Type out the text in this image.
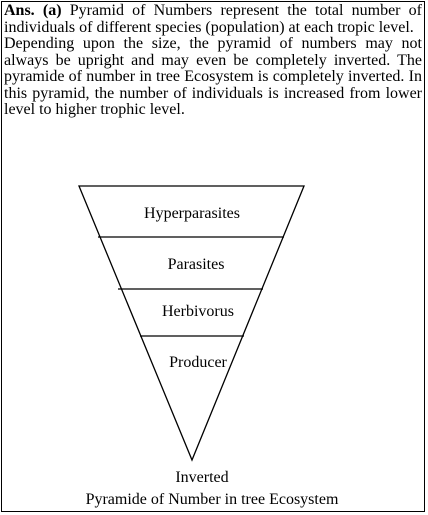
Ans. (a) Pyramid of Numbers represent the total number of individuals of different species (population) at each tropic level.

Depending upon the size, the pyramid of numbers may not always be upright and may even be completely inverted. The pyramide of number in tree Ecosystem is completely inverted. In this pyramid, the number of individuals is increased from lower level to higher trophic level.

Hyperparasites
Parasites
Herbivorus
Producer
Inverted
Pyramide of Number in tree Ecosystem
